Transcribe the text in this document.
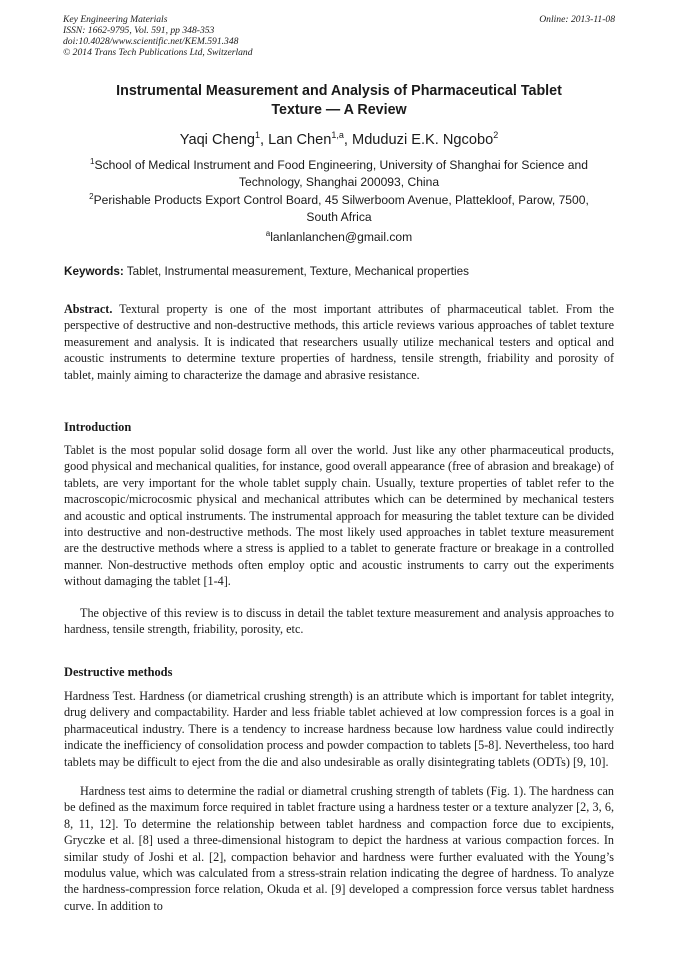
Key Engineering Materials
ISSN: 1662-9795, Vol. 591, pp 348-353
doi:10.4028/www.scientific.net/KEM.591.348
© 2014 Trans Tech Publications Ltd, Switzerland
Online: 2013-11-08
Instrumental Measurement and Analysis of Pharmaceutical Tablet
Texture — A Review
Yaqi Cheng$^1$, Lan Chen$^{1,a}$, Mduduzi E.K. Ngcobo$^2$
$^1$School of Medical Instrument and Food Engineering, University of Shanghai for Science and
Technology, Shanghai 200093, China
$^2$Perishable Products Export Control Board, 45 Silwerboom Avenue, Plattekloof, Parow, 7500,
South Africa
$^a$lanlanlanchen@gmail.com
Keywords: Tablet, Instrumental measurement, Texture, Mechanical properties

Abstract. Textural property is one of the most important attributes of pharmaceutical tablet. From the perspective of destructive and non-destructive methods, this article reviews various approaches of tablet texture measurement and analysis. It is indicated that researchers usually utilize mechanical testers and optical and acoustic instruments to determine texture properties of hardness, tensile strength, friability and porosity of tablet, mainly aiming to characterize the damage and abrasive resistance.

Introduction

Tablet is the most popular solid dosage form all over the world. Just like any other pharmaceutical products, good physical and mechanical qualities, for instance, good overall appearance (free of abrasion and breakage) of tablets, are very important for the whole tablet supply chain. Usually, texture properties of tablet refer to the macroscopic/microcosmic physical and mechanical attributes which can be determined by mechanical testers and acoustic and optical instruments. The instrumental approach for measuring the tablet texture can be divided into destructive and non-destructive methods. The most likely used approaches in tablet texture measurement are the destructive methods where a stress is applied to a tablet to generate fracture or breakage in a controlled manner. Non-destructive methods often employ optic and acoustic instruments to carry out the experiments without damaging the tablet [1-4].

The objective of this review is to discuss in detail the tablet texture measurement and analysis approaches to hardness, tensile strength, friability, porosity, etc.

Destructive methods

Hardness Test. Hardness (or diametrical crushing strength) is an attribute which is important for tablet integrity, drug delivery and compactability. Harder and less friable tablet achieved at low compression forces is a goal in pharmaceutical industry. There is a tendency to increase hardness because low hardness value could indirectly indicate the inefficiency of consolidation process and powder compaction to tablets [5-8]. Nevertheless, too hard tablets may be difficult to eject from the die and also undesirable as orally disintegrating tablets (ODTs) [9, 10].

Hardness test aims to determine the radial or diametral crushing strength of tablets (Fig. 1). The hardness can be defined as the maximum force required in tablet fracture using a hardness tester or a texture analyzer [2, 3, 6, 8, 11, 12]. To determine the relationship between tablet hardness and compaction force due to excipients, Gryczke et al. [8] used a three-dimensional histogram to depict the hardness at various compaction forces. In similar study of Joshi et al. [2], compaction behavior and hardness were further evaluated with the Young’s modulus value, which was calculated from a stress-strain relation indicating the degree of hardness. To analyze the hardness-compression force relation, Okuda et al. [9] developed a compression force versus tablet hardness curve. In addition to
